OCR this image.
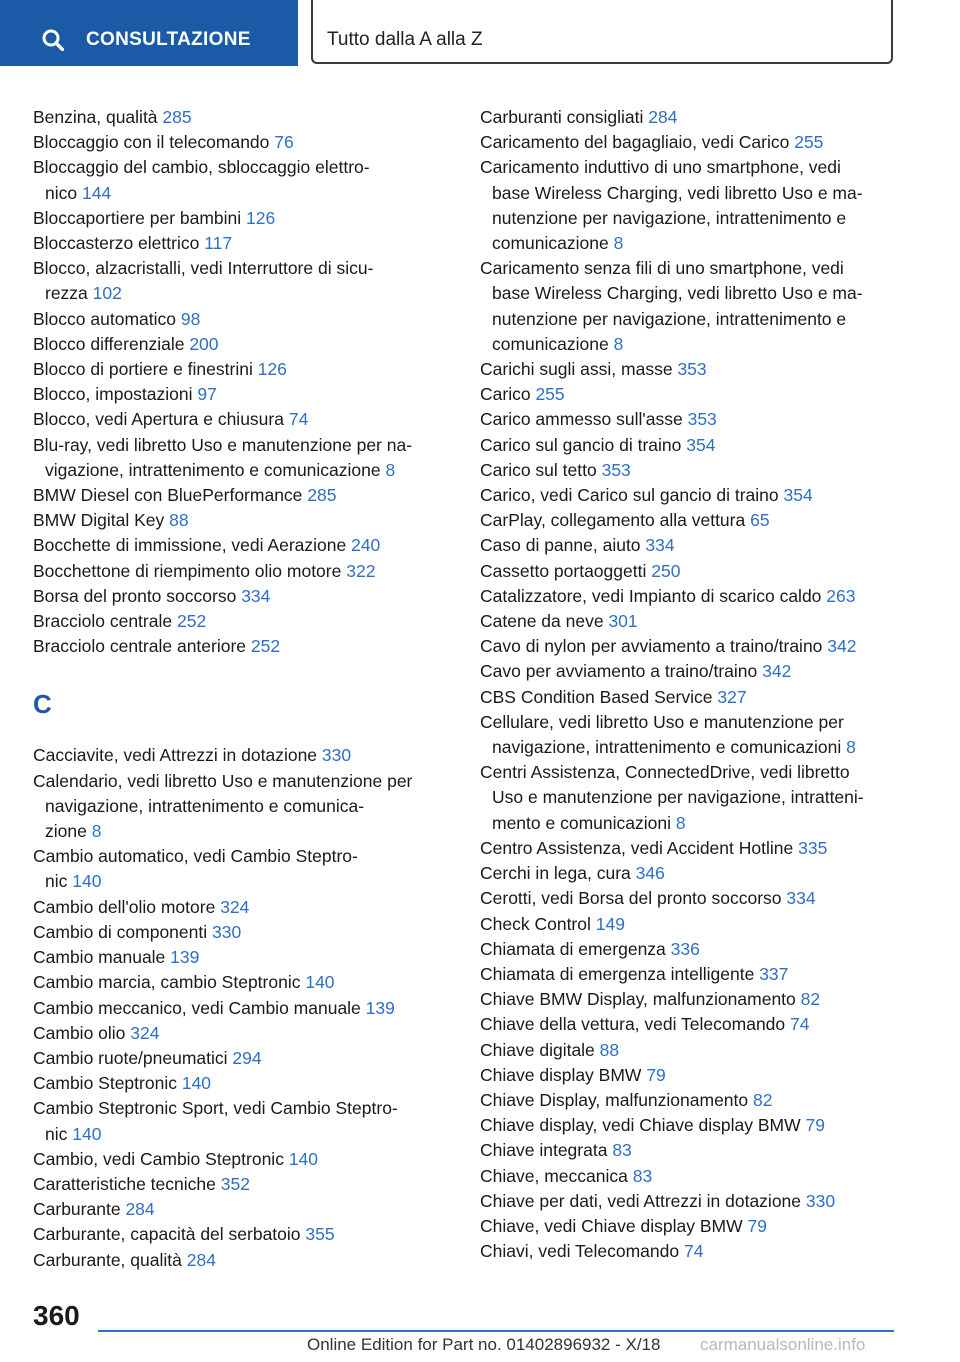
CONSULTAZIONE	Tutto dalla A alla Z
Benzina, qualità 285
Bloccaggio con il telecomando 76
Bloccaggio del cambio, sbloccaggio elettro-
nico 144
Bloccaportiere per bambini 126
Bloccasterzo elettrico 117
Blocco, alzacristalli, vedi Interruttore di sicu-
rezza 102
Blocco automatico 98
Blocco differenziale 200
Blocco di portiere e finestrini 126
Blocco, impostazioni 97
Blocco, vedi Apertura e chiusura 74
Blu-ray, vedi libretto Uso e manutenzione per na-
vigazione, intrattenimento e comunicazione 8
BMW Diesel con BluePerformance 285
BMW Digital Key 88
Bocchette di immissione, vedi Aerazione 240
Bocchettone di riempimento olio motore 322
Borsa del pronto soccorso 334
Bracciolo centrale 252
Bracciolo centrale anteriore 252
C
Cacciavite, vedi Attrezzi in dotazione 330
Calendario, vedi libretto Uso e manutenzione per
navigazione, intrattenimento e comunica-
zione 8
Cambio automatico, vedi Cambio Steptro-
nic 140
Cambio dell'olio motore 324
Cambio di componenti 330
Cambio manuale 139
Cambio marcia, cambio Steptronic 140
Cambio meccanico, vedi Cambio manuale 139
Cambio olio 324
Cambio ruote/pneumatici 294
Cambio Steptronic 140
Cambio Steptronic Sport, vedi Cambio Steptro-
nic 140
Cambio, vedi Cambio Steptronic 140
Caratteristiche tecniche 352
Carburante 284
Carburante, capacità del serbatoio 355
Carburante, qualità 284
Carburanti consigliati 284
Caricamento del bagagliaio, vedi Carico 255
Caricamento induttivo di uno smartphone, vedi
base Wireless Charging, vedi libretto Uso e ma-
nutenzione per navigazione, intrattenimento e
comunicazione 8
Caricamento senza fili di uno smartphone, vedi
base Wireless Charging, vedi libretto Uso e ma-
nutenzione per navigazione, intrattenimento e
comunicazione 8
Carichi sugli assi, masse 353
Carico 255
Carico ammesso sull'asse 353
Carico sul gancio di traino 354
Carico sul tetto 353
Carico, vedi Carico sul gancio di traino 354
CarPlay, collegamento alla vettura 65
Caso di panne, aiuto 334
Cassetto portaoggetti 250
Catalizzatore, vedi Impianto di scarico caldo 263
Catene da neve 301
Cavo di nylon per avviamento a traino/traino 342
Cavo per avviamento a traino/traino 342
CBS Condition Based Service 327
Cellulare, vedi libretto Uso e manutenzione per
navigazione, intrattenimento e comunicazioni 8
Centri Assistenza, ConnectedDrive, vedi libretto
Uso e manutenzione per navigazione, intratteni-
mento e comunicazioni 8
Centro Assistenza, vedi Accident Hotline 335
Cerchi in lega, cura 346
Cerotti, vedi Borsa del pronto soccorso 334
Check Control 149
Chiamata di emergenza 336
Chiamata di emergenza intelligente 337
Chiave BMW Display, malfunzionamento 82
Chiave della vettura, vedi Telecomando 74
Chiave digitale 88
Chiave display BMW 79
Chiave Display, malfunzionamento 82
Chiave display, vedi Chiave display BMW 79
Chiave integrata 83
Chiave, meccanica 83
Chiave per dati, vedi Attrezzi in dotazione 330
Chiave, vedi Chiave display BMW 79
Chiavi, vedi Telecomando 74
360
Online Edition for Part no. 01402896932 - X/18 carmanualsonline.info
